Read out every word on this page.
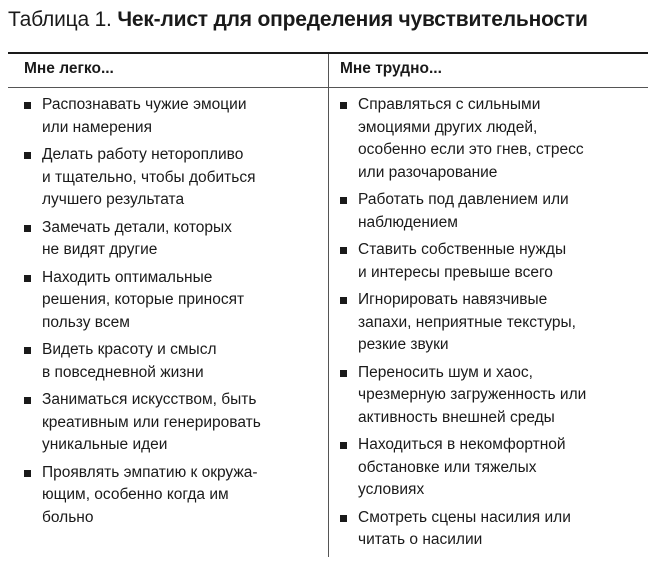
Таблица 1. Чек-лист для определения чувствительности
Мне легко...	Мне трудно...
Распознавать чужие эмоции
или намерения
Делать работу неторопливо
и тщательно, чтобы добиться
лучшего результата
Замечать детали, которых
не видят другие
Находить оптимальные
решения, которые приносят
пользу всем
Видеть красоту и смысл
в повседневной жизни
Заниматься искусством, быть
креативным или генерировать
уникальные идеи
Проявлять эмпатию к окружа-
ющим, особенно когда им
больно
Справляться с сильными
эмоциями других людей,
особенно если это гнев, стресс
или разочарование
Работать под давлением или
наблюдением
Ставить собственные нужды
и интересы превыше всего
Игнорировать навязчивые
запахи, неприятные текстуры,
резкие звуки
Переносить шум и хаос,
чрезмерную загруженность или
активность внешней среды
Находиться в некомфортной
обстановке или тяжелых
условиях
Смотреть сцены насилия или
читать о насилии
